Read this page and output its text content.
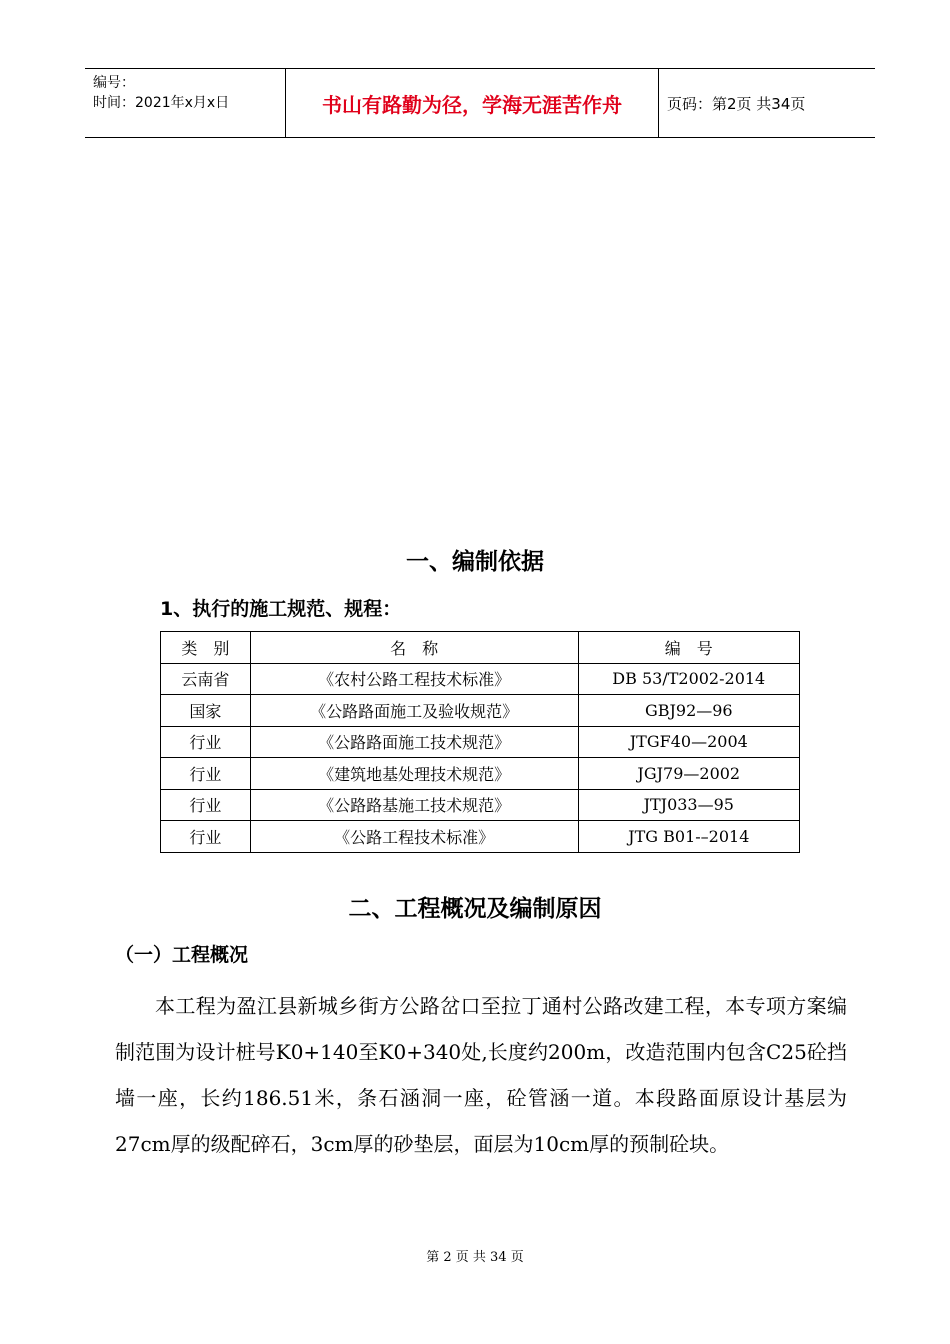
编号：
时间：2021年x月x日	书山有路勤为径，学海无涯苦作舟	页码：第2页 共34页
一、编制依据
1、执行的施工规范、规程：
类　别	名　称	编　号
云南省	《农村公路工程技术标准》	DB 53/T2002-2014
国家	《公路路面施工及验收规范》	GBJ92—96
行业	《公路路面施工技术规范》	JTGF40—2004
行业	《建筑地基处理技术规范》	JGJ79—2002
行业	《公路路基施工技术规范》	JTJ033—95
行业	《公路工程技术标准》	JTG B01-–2014
二、工程概况及编制原因
（一）工程概况

本工程为盈江县新城乡街方公路岔口至拉丁通村公路改建工程，本专项方案编制范围为设计桩号K0+140至K0+340处,长度约200m，改造范围内包含C25砼挡墙一座，长约186.51米，条石涵洞一座，砼管涵一道。本段路面原设计基层为27cm厚的级配碎石，3cm厚的砂垫层，面层为10cm厚的预制砼块。

第 2 页 共 34 页
